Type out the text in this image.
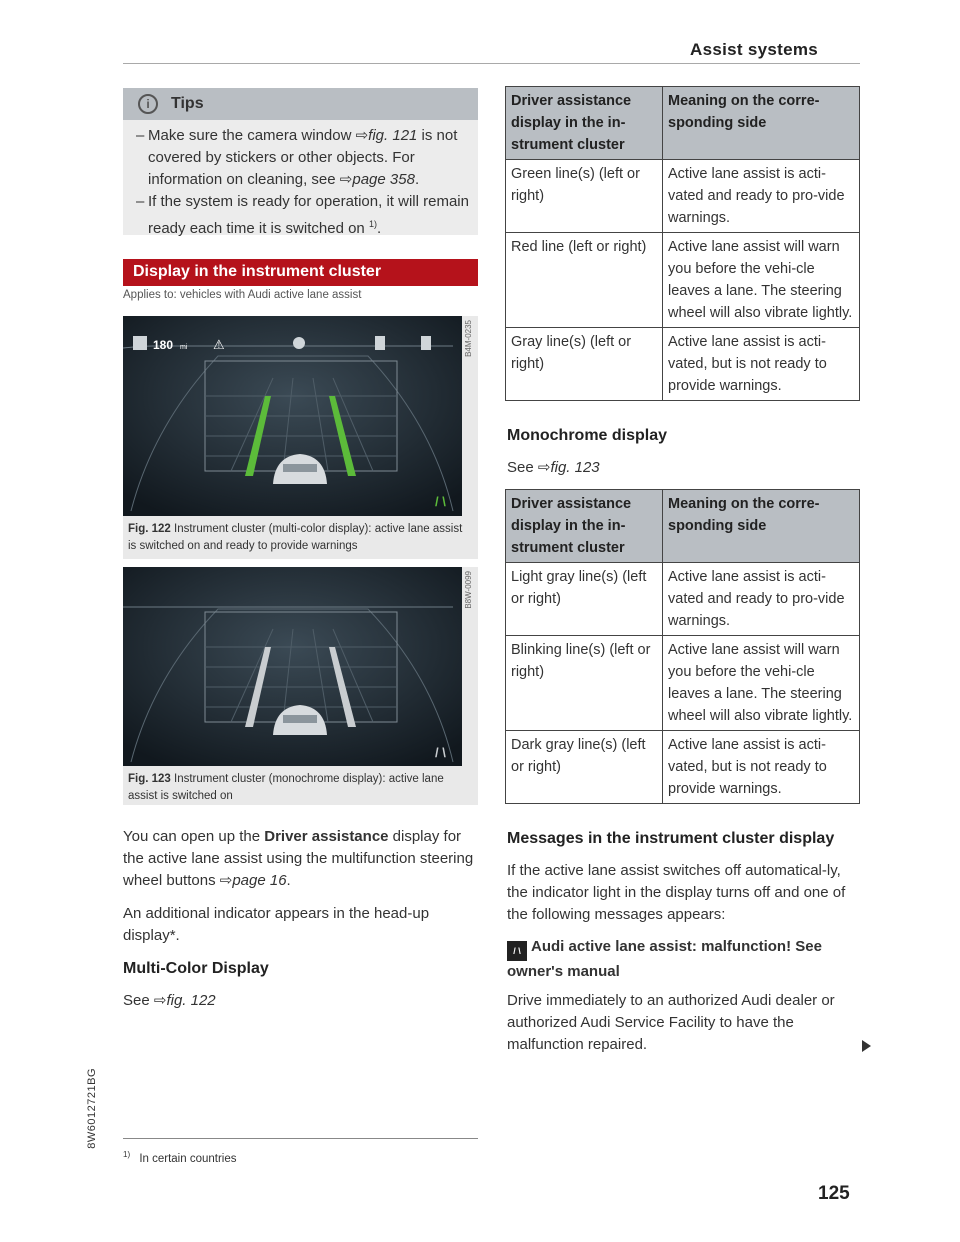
Assist systems
i	Tips
– Make sure the camera window ⇨fig. 121 is not covered by stickers or other objects. For information on cleaning, see ⇨page 358.
– If the system is ready for operation, it will remain ready each time it is switched on $^{1)}$.
Display in the instrument cluster
Applies to: vehicles with Audi active lane assist
180 mi ⚠
/ \
B4M-0235
Fig. 122 Instrument cluster (multi-color display): active lane assist is switched on and ready to provide warnings
/ \
B8W-0099
Fig. 123 Instrument cluster (monochrome display): active lane assist is switched on
You can open up the Driver assistance display for the active lane assist using the multifunction steering wheel buttons ⇨page 16.
An additional indicator appears in the head-up display*.
Multi-Color Display
See ⇨fig. 122
Driver assistance display in the in-strument cluster	Meaning on the corre-sponding side
Green line(s) (left or right)	Active lane assist is acti-vated and ready to pro-vide warnings.
Red line (left or right)	Active lane assist will warn you before the vehi-cle leaves a lane. The steering wheel will also vibrate lightly.
Gray line(s) (left or right)	Active lane assist is acti-vated, but is not ready to provide warnings.
Monochrome display
See ⇨fig. 123
Driver assistance display in the in-strument cluster	Meaning on the corre-sponding side
Light gray line(s) (left or right)	Active lane assist is acti-vated and ready to pro-vide warnings.
Blinking line(s) (left or right)	Active lane assist will warn you before the vehi-cle leaves a lane. The steering wheel will also vibrate lightly.
Dark gray line(s) (left or right)	Active lane assist is acti-vated, but is not ready to provide warnings.
Messages in the instrument cluster display
If the active lane assist switches off automatical-ly, the indicator light in the display turns off and one of the following messages appears:
/ \ Audi active lane assist: malfunction! See owner's manual
Drive immediately to an authorized Audi dealer or authorized Audi Service Facility to have the malfunction repaired.
$^{1)}$ In certain countries
8W6012721BG
125
